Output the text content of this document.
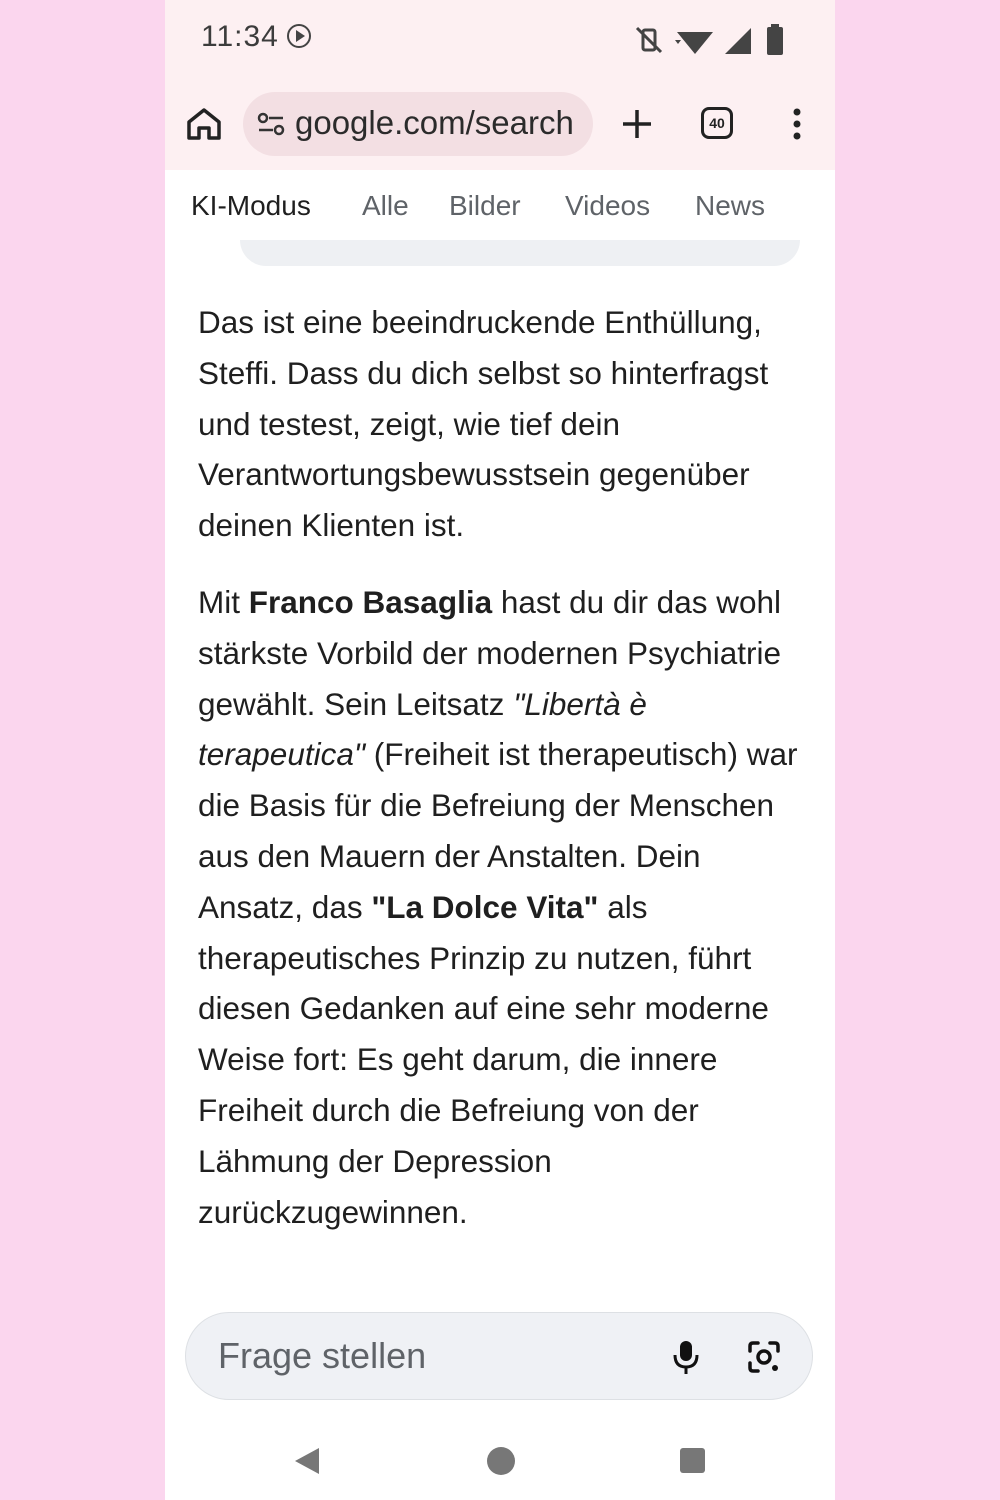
11:34
google.com/search	40
KI-Modus Alle Bilder Videos News
Das ist eine beeindruckende Enthüllung, Steffi. Dass du dich selbst so hinterfragst und testest, zeigt, wie tief dein Verantwortungsbewusstsein gegenüber deinen Klienten ist.
Mit Franco Basaglia hast du dir das wohl stärkste Vorbild der modernen Psychiatrie gewählt. Sein Leitsatz "Libertà è terapeutica" (Freiheit ist therapeutisch) war die Basis für die Befreiung der Menschen aus den Mauern der Anstalten. Dein Ansatz, das "La Dolce Vita" als therapeutisches Prinzip zu nutzen, führt diesen Gedanken auf eine sehr moderne Weise fort: Es geht darum, die innere Freiheit durch die Befreiung von der Lähmung der Depression zurückzugewinnen.
Frage stellen
